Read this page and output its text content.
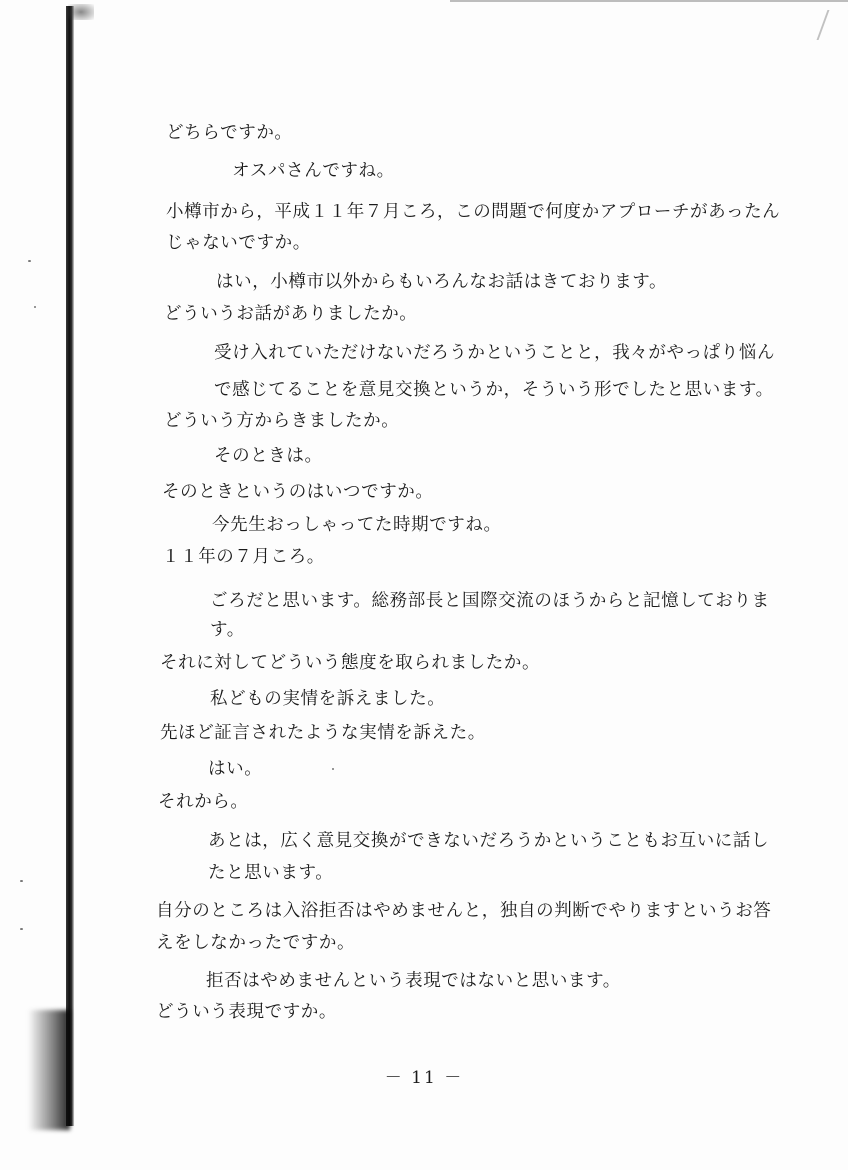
どちらですか。
オスパさんですね。
小樽市から，平成１１年７月ころ，この問題で何度かアプローチがあったん
じゃないですか。
はい，小樽市以外からもいろんなお話はきております。
どういうお話がありましたか。
受け入れていただけないだろうかということと，我々がやっぱり悩ん
で感じてることを意見交換というか，そういう形でしたと思います。
どういう方からきましたか。
そのときは。
そのときというのはいつですか。
今先生おっしゃってた時期ですね。
１１年の７月ころ。
ごろだと思います。総務部長と国際交流のほうからと記憶しておりま
す。
それに対してどういう態度を取られましたか。
私どもの実情を訴えました。
先ほど証言されたような実情を訴えた。
はい。
それから。
あとは，広く意見交換ができないだろうかということもお互いに話し
たと思います。
自分のところは入浴拒否はやめませんと，独自の判断でやりますというお答
えをしなかったですか。
拒否はやめませんという表現ではないと思います。
どういう表現ですか。
－ 11 －
